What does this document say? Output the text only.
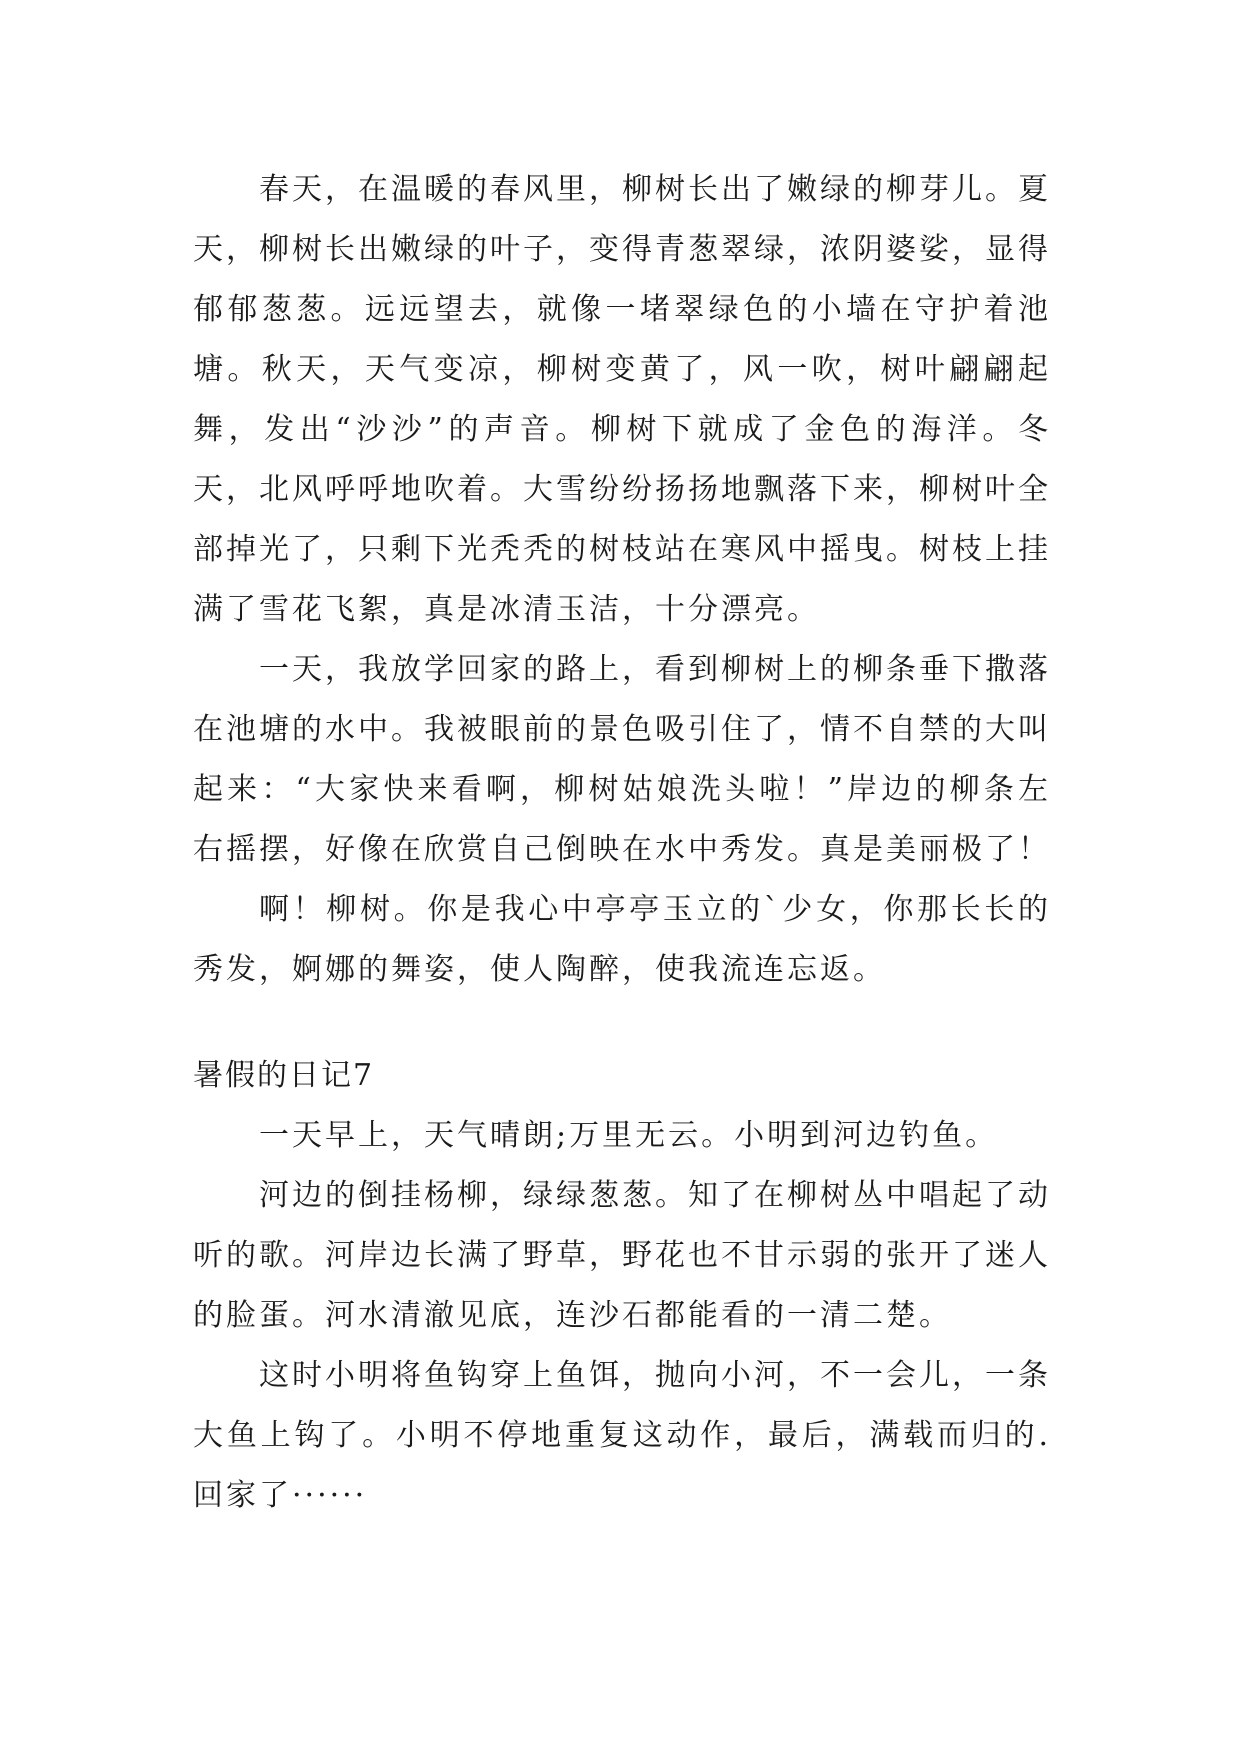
春天，在温暖的春风里，柳树长出了嫩绿的柳芽儿。夏天，柳树长出嫩绿的叶子，变得青葱翠绿，浓阴婆娑，显得郁郁葱葱。远远望去，就像一堵翠绿色的小墙在守护着池塘。秋天，天气变凉，柳树变黄了，风一吹，树叶翩翩起舞，发出“沙沙”的声音。柳树下就成了金色的海洋。冬天，北风呼呼地吹着。大雪纷纷扬扬地飘落下来，柳树叶全部掉光了，只剩下光秃秃的树枝站在寒风中摇曳。树枝上挂满了雪花飞絮，真是冰清玉洁，十分漂亮。

一天，我放学回家的路上，看到柳树上的柳条垂下撒落在池塘的水中。我被眼前的景色吸引住了，情不自禁的大叫起来：“大家快来看啊，柳树姑娘洗头啦！”岸边的柳条左右摇摆，好像在欣赏自己倒映在水中秀发。真是美丽极了！

啊！柳树。你是我心中亭亭玉立的`少女，你那长长的秀发，婀娜的舞姿，使人陶醉，使我流连忘返。

暑假的日记7

一天早上，天气晴朗;万里无云。小明到河边钓鱼。

河边的倒挂杨柳，绿绿葱葱。知了在柳树丛中唱起了动听的歌。河岸边长满了野草，野花也不甘示弱的张开了迷人的脸蛋。河水清澈见底，连沙石都能看的一清二楚。

这时小明将鱼钩穿上鱼饵，抛向小河，不一会儿，一条大鱼上钩了。小明不停地重复这动作，最后，满载而归的.回家了······
